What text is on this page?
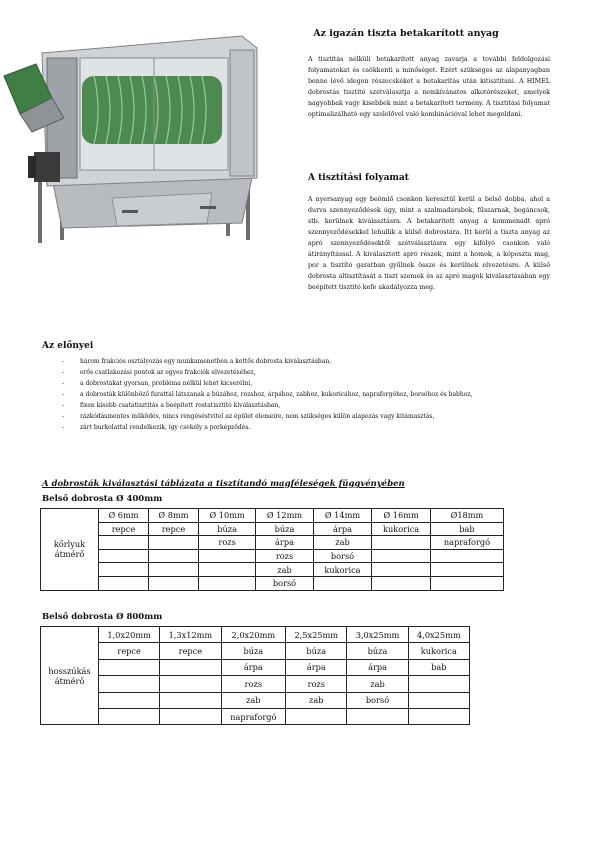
Az igazán tiszta betakarított anyag
A tisztítás nélküli betakarított anyag zavarja a további feldolgozási folyamatokat és csökkenti a minőséget. Ezért szükséges az alapanyagban benne lévő idegen részecskéket a betakarítás után kitisztítani. A HIMEL dobrostás tisztító szétválasztja a nemkívánatos alkotórészeket, amelyek nagyobbak vagy kisebbek mint a betakarított termény. A tisztítási folyamat optimalizálható egy szelelővel való kombinációval lehet megoldani.
A tisztítási folyamat
A nyersanyag egy beömlő csonkon keresztül kerül a belső dobba, ahol a durva szennyeződések úgy, mint a szalmadarabok, fűszarnak, bogáncsok, stb. kerülnek kiválasztásra. A betakarított anyag a kommenadt apró szennyeződésekkel lehullik a külső dobrostára. Itt kerül a tiszta anyag az apró szennyeződésektől szétválasztásra egy kifolyó csonkon való átirányítással. A kiválasztott apró részek, mint a homok, a kóposzta mag, por a tisztító garatban gyűlnek össze és kerülnek elvezetésre. A külső dobrosta altisztítását a tiszt szemek és az apró magok kiválasztásában egy beépített tisztító kefe akadályozza meg.
Az előnyei
- három frakciós osztályozás egy munkamenetben a kettős dobrosta kiválasztásban,
- erős csatlakozási pontok az egyes frakciók elvezetéséhez,
- a dobrostákat gyorsan, probléma nélkül lehet kicserélni,
- a dobrosták különböző furattal látszanak a búzához, rozshoz, árpához, zabhoz, kukoricához, napraforgóhoz, borsóhoz és babhoz,
- fixen kisebb csatatisztítás a beépített rostatisztító kiválasztásban,
- rázkódásmentes működés, nincs rengéséstvitel az épület elemeire, nem szükséges külön alapozás vagy kitámasztás,
- zárt burkolattal rendelkezik, így csekély a porképződés.
A dobrosták kiválasztási táblázata a tisztítandó magféleségek függvényében
Belső dobrosta Ø 400mm
kőrlyuk átmérő	Ø 6mm	Ø 8mm	Ø 10mm	Ø 12mm	Ø 14mm	Ø 16mm	Ø18mm
	repce	repce	búza	búza	árpa	kukorica	bab
			rozs	árpa	zab		napraforgó
				rozs	borsó		
				zab	kukorica		
				borsó			
Belső dobrosta Ø 800mm
hosszúkás átmérő	1,0x20mm	1,3x12mm	2,0x20mm	2,5x25mm	3,0x25mm	4,0x25mm
	repce	repce	búza	búza	búza	kukorica
			árpa	árpa	árpa	bab
			rozs	rozs	zab	
			zab	zab	borsó	
			napraforgó			
